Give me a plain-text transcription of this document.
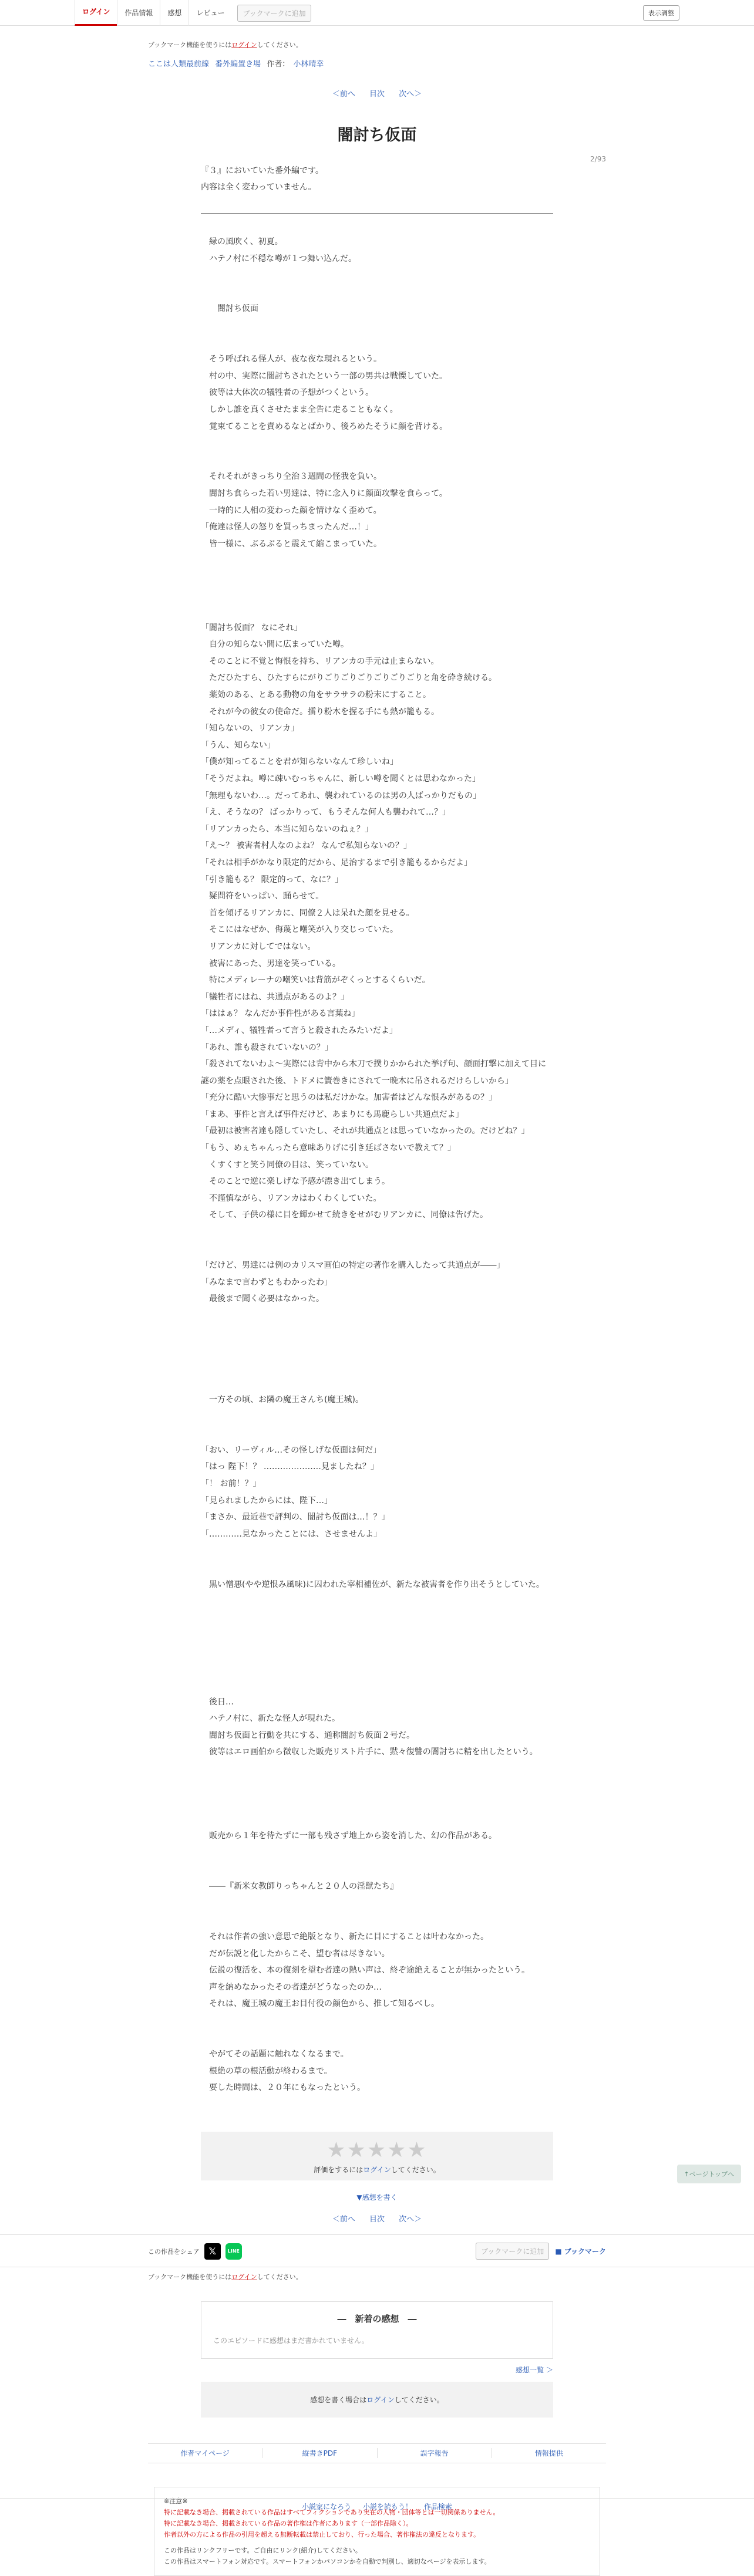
ログイン	作品情報	感想	レビュー	ブックマークに追加	表示調整
ブックマーク機能を使うにはログインしてください。
ここは人類最前線 番外編置き場 作者： 小林晴幸
＜前へ 目次 次へ＞
2/93
闇討ち仮面
『３』においていた番外編です。
内容は全く変わっていません。
　緑の風吹く、初夏。
　ハテノ村に不穏な噂が１つ舞い込んだ。

　　闇討ち仮面

　そう呼ばれる怪人が、夜な夜な現れるという。
　村の中、実際に闇討ちされたという一部の男共は戦慄していた。
　彼等は大体次の犠牲者の予想がつくという。
　しかし誰を真くさせたまま全告に走ることもなく。
　覚束てることを責めるなとばかり、後ろめたそうに顔を背ける。

　それそれがきっちり全治３週間の怪我を負い。
　闇討ち食らった若い男達は、特に念入りに顔面攻撃を食らって。
　一時的に人相の変わった顔を情けなく歪めて。
「俺達は怪人の怒りを買っちまったんだ…！」
　皆一様に、ぶるぶると震えて縮こまっていた。

「闇討ち仮面？ なにそれ」
　自分の知らない間に広まっていた噂。
　そのことに不覚と悔恨を持ち、リアンカの手元は止まらない。
　ただひたすら、ひたすらにがりごりごりごりごりごりごりと角を砕き続ける。
　薬効のある、とある動物の角をサラサラの粉末にすること。
　それが今の彼女の使命だ。擂り粉木を握る手にも熱が籠もる。
「知らないの、リアンカ」
「うん、知らない」
「僕が知ってることを君が知らないなんて珍しいね」
「そうだよね。噂に疎いむっちゃんに、新しい噂を聞くとは思わなかった」
「無理もないわ…。だってあれ、襲われているのは男の人ばっかりだもの」
「え、そうなの？ ばっかりって、もうそんな何人も襲われて…？」
「リアンカったら、本当に知らないのねぇ？」
「え～？ 被害者村人なのよね？ なんで私知らないの？」
「それは相手がかなり限定的だから、足治するまで引き籠もるからだよ」
「引き籠もる？ 限定的って、なに？」
　疑問符をいっぱい、踊らせて。
　首を傾げるリアンカに、同僚２人は呆れた顔を見せる。
　そこにはなぜか、侮蔑と嘲笑が入り交じっていた。
　リアンカに対してではない。
　被害にあった、男達を笑っている。
　特にメディレーナの嘲笑いは背筋がぞくっとするくらいだ。
「犠牲者にはね、共通点があるのよ？」
「ははぁ？ なんだか事件性がある言葉ね」
「…メディ、犠牲者って言うと殺されたみたいだよ」
「あれ、誰も殺されていないの？」
「殺されてないわよ～実際には背中から木刀で撲りかかられた挙げ句、顔面打撃に加えて目に謎の薬を点眼された後、トドメに簀巻きにされて一晩木に吊されるだけらしいから」
「充分に酷い大惨事だと思うのは私だけかな。加害者はどんな恨みがあるの？」
「まあ、事件と言えば事件だけど、あまりにも馬鹿らしい共通点だよ」
「最初は被害者達も隠していたし、それが共通点とは思っていなかったの。だけどね？」
「もう、めぇちゃんったら意味ありげに引き延ばさないで教えて？」
　くすくすと笑う同僚の目は、笑っていない。
　そのことで逆に楽しげな予感が漂き出てしまう。
　不謹慎ながら、リアンカはわくわくしていた。
　そして、子供の様に目を輝かせて続きをせがむリアンカに、同僚は告げた。

「だけど、男達には例のカリスマ画伯の特定の著作を購入したって共通点が――」
「みなまで言わずともわかったわ」
　最後まで聞く必要はなかった。

　一方その頃、お隣の魔王さんち(魔王城)。

「おい、リーヴィル…その怪しげな仮面は何だ」
「はっ 陛下！？ …………………見ましたね？」
「！ お前！？」
「見られましたからには、陛下…」
「まさか、最近巷で評判の、闇討ち仮面は…！？」
「…………見なかったことには、させませんよ」

　黒い憎悪(やや逆恨み風味)に囚われた宰相補佐が、新たな被害者を作り出そうとしていた。

　後日…
　ハテノ村に、新たな怪人が現れた。
　闇討ち仮面と行動を共にする、通称闇討ち仮面２号だ。
　彼等はエロ画伯から徴収した販売リスト片手に、黙々復讐の闇討ちに精を出したという。

　販売から１年を待たずに一部も残さず地上から姿を消した、幻の作品がある。

　――『新米女教師りっちゃんと２０人の淫獣たち』

　それは作者の強い意思で絶版となり、新たに目にすることは叶わなかった。
　だが伝説と化したからこそ、望む者は尽きない。
　伝説の復活を、本の復刻を望む者達の熱い声は、終ぞ途絶えることが無かったという。
　声を納めなかったその者達がどうなったのか…
　それは、魔王城の魔王お目付役の顔色から、推して知るべし。

　やがてその話題に触れなくなるまで。
　根絶の草の根活動が終わるまで。
　要した時間は、２０年にもなったという。
★★★★★
評価をするにはログインしてください。
▼感想を書く
＜前へ 目次 次へ＞
この作品をシェア 𝕏	LINE	ブックマークに追加	■ ブックマーク
↑ページトップへ
ブックマーク機能を使うにはログインしてください。
―　新着の感想　―
このエピソードに感想はまだ書かれていません。
感想一覧 ＞
感想を書く場合はログインしてください。
作者マイページ	縦書きPDF	誤字報告	情報提供
※注意※
特に記載なき場合、掲載されている作品はすべてフィクションであり実在の人物・団体等とは一切関係ありません。
特に記載なき場合、掲載されている作品の著作権は作者にあります（一部作品除く）。
作者以外の方による作品の引用を超える無断転載は禁止しており、行った場合、著作権法の違反となります。
この作品はリンクフリーです。ご自由にリンク(紹介)してください。
この作品はスマートフォン対応です。スマートフォンかパソコンかを自動で判別し、適切なページを表示します。
小説家になろう 小説を読もう！ 作品検索
